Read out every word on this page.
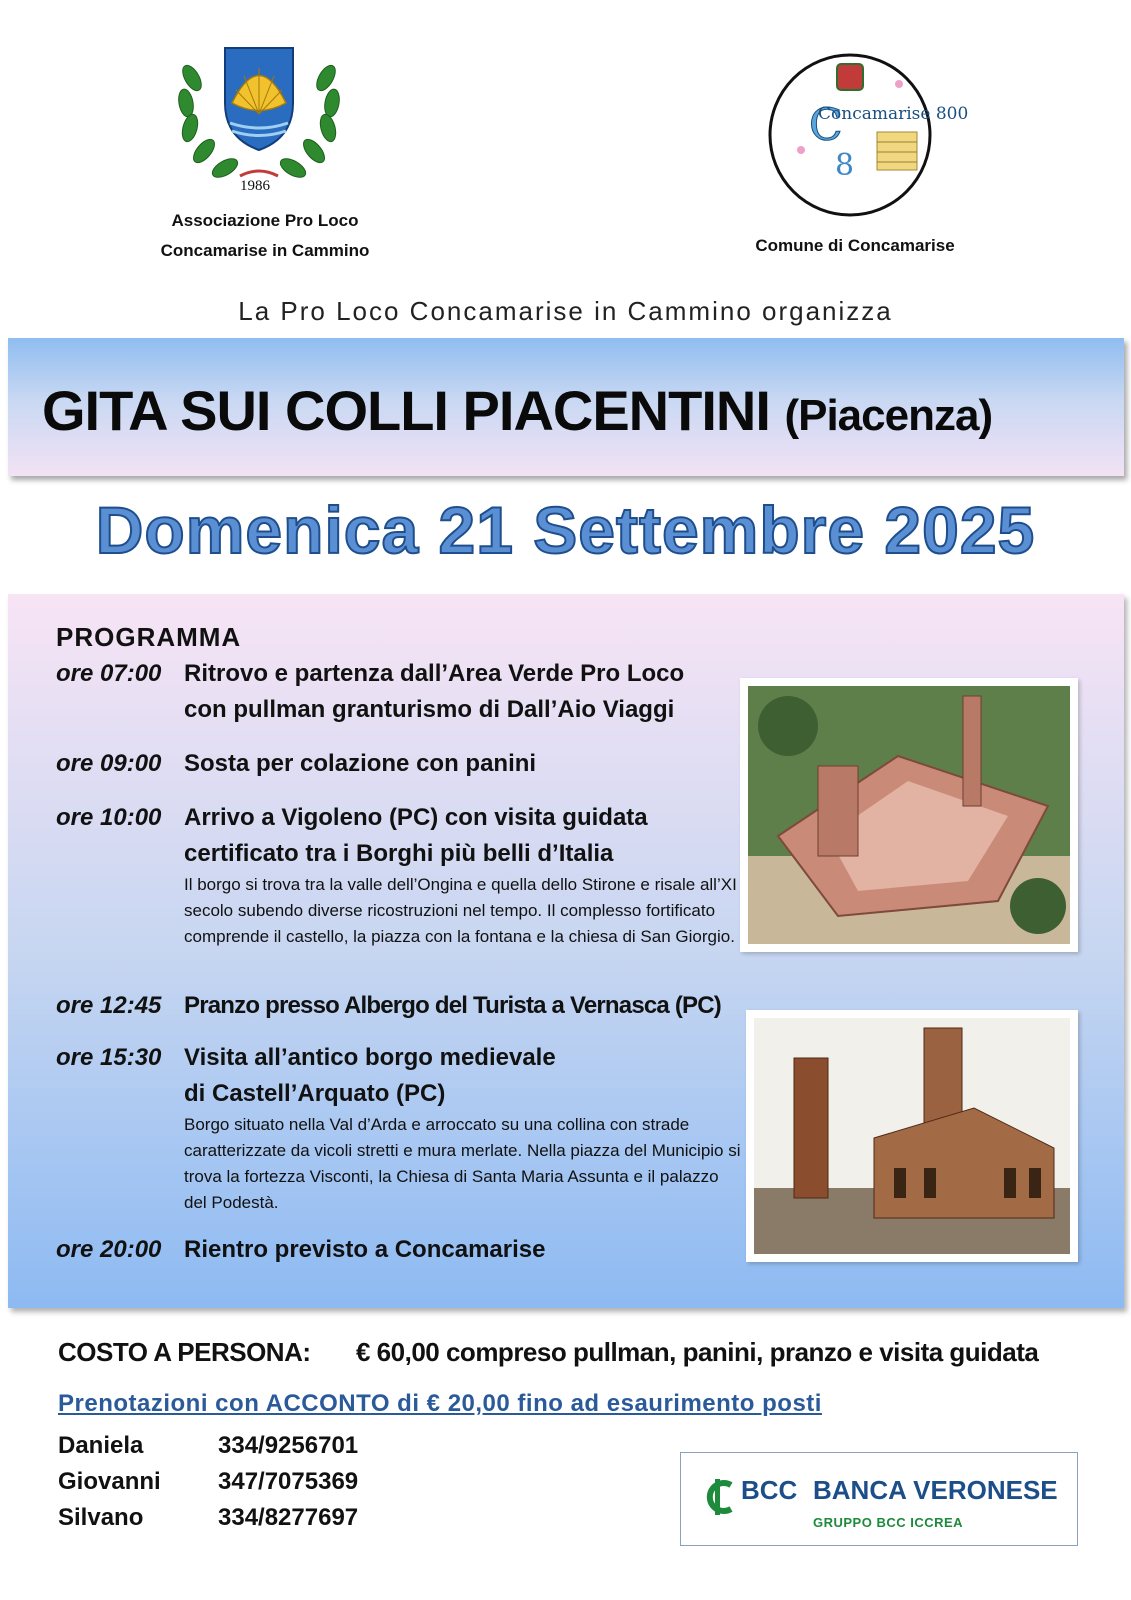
1986
Associazione Pro Loco
Concamarise in Cammino
C
8
Concamarise 800
Comune di Concamarise
La Pro Loco Concamarise in Cammino organizza
GITA SUI COLLI PIACENTINI (Piacenza)
Domenica 21 Settembre 2025
PROGRAMMA
ore 07:00 Ritrovo e partenza dall’Area Verde Pro Loco
con pullman granturismo di Dall’Aio Viaggi
ore 09:00 Sosta per colazione con panini
ore 10:00 Arrivo a Vigoleno (PC) con visita guidata
certificato tra i Borghi più belli d’Italia
Il borgo si trova tra la valle dell’Ongina e quella dello Stirone e risale all’XI secolo subendo diverse ricostruzioni nel tempo. Il complesso fortificato comprende il castello, la piazza con la fontana e la chiesa di San Giorgio.
ore 12:45 Pranzo presso Albergo del Turista a Vernasca (PC)
ore 15:30 Visita all’antico borgo medievale
di Castell’Arquato (PC)
Borgo situato nella Val d’Arda e arroccato su una collina con strade caratterizzate da vicoli stretti e mura merlate. Nella piazza del Municipio si trova la fortezza Visconti, la Chiesa di Santa Maria Assunta e il palazzo del Podestà.
ore 20:00 Rientro previsto a Concamarise
COSTO A PERSONA: € 60,00 compreso pullman, panini, pranzo e visita guidata
Prenotazioni con ACCONTO di € 20,00 fino ad esaurimento posti
Daniela	334/9256701
Giovanni 347/7075369
Silvano	334/8277697
BCC BANCA VERONESE
GRUPPO BCC ICCREA
